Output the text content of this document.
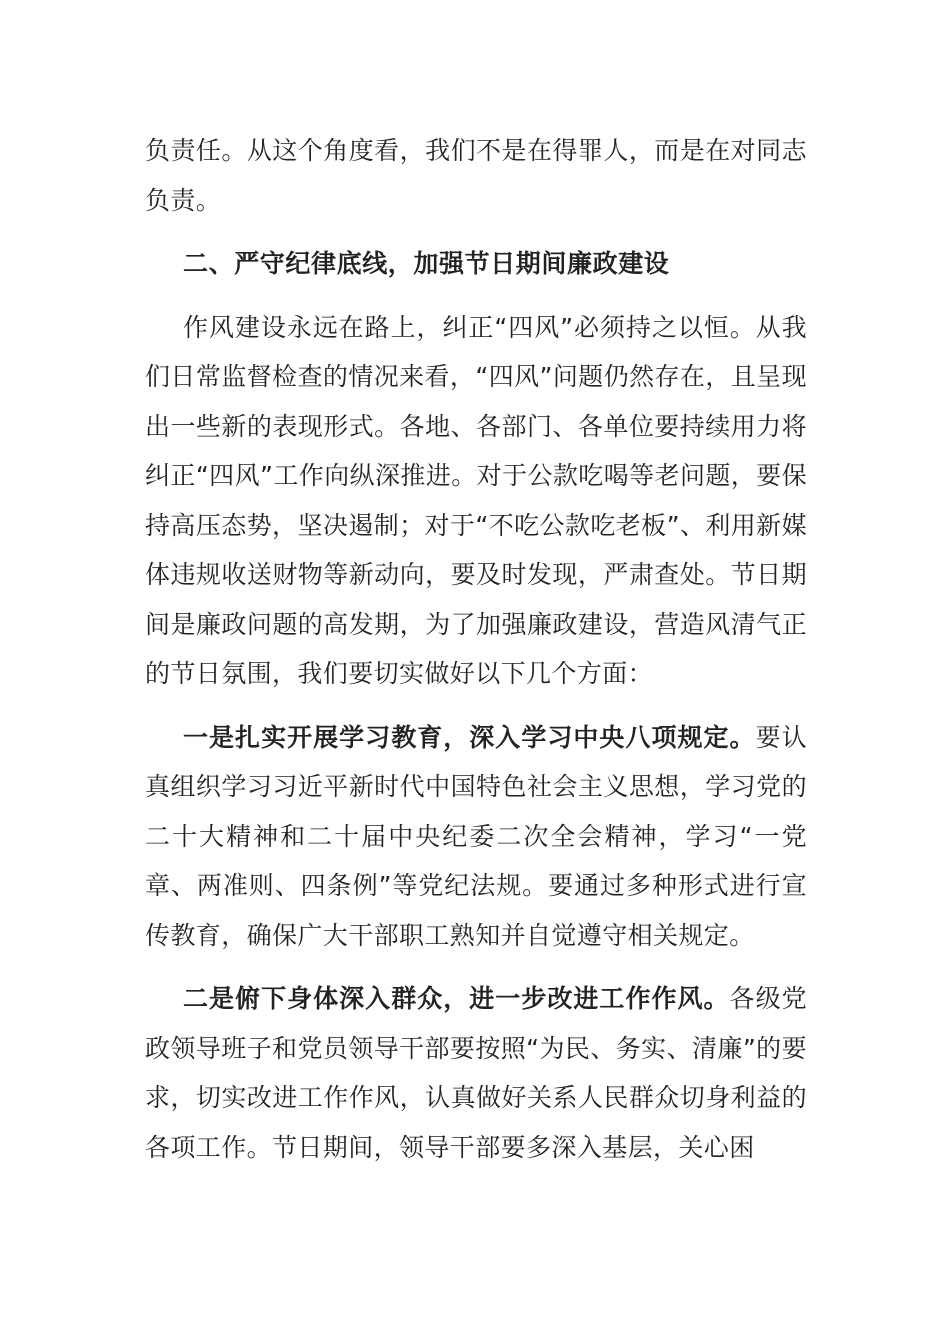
负责任。从这个角度看，我们不是在得罪人，而是在对同志负责。

二、严守纪律底线，加强节日期间廉政建设

作风建设永远在路上，纠正“四风”必须持之以恒。从我们日常监督检查的情况来看，“四风”问题仍然存在，且呈现出一些新的表现形式。各地、各部门、各单位要持续用力将纠正“四风”工作向纵深推进。对于公款吃喝等老问题，要保持高压态势，坚决遏制；对于“不吃公款吃老板”、利用新媒体违规收送财物等新动向，要及时发现，严肃查处。节日期间是廉政问题的高发期，为了加强廉政建设，营造风清气正的节日氛围，我们要切实做好以下几个方面：

一是扎实开展学习教育，深入学习中央八项规定。要认真组织学习习近平新时代中国特色社会主义思想，学习党的二十大精神和二十届中央纪委二次全会精神，学习“一党章、两准则、四条例”等党纪法规。要通过多种形式进行宣传教育，确保广大干部职工熟知并自觉遵守相关规定。

二是俯下身体深入群众，进一步改进工作作风。各级党政领导班子和党员领导干部要按照“为民、务实、清廉”的要求，切实改进工作作风，认真做好关系人民群众切身利益的各项工作。节日期间，领导干部要多深入基层，关心困
